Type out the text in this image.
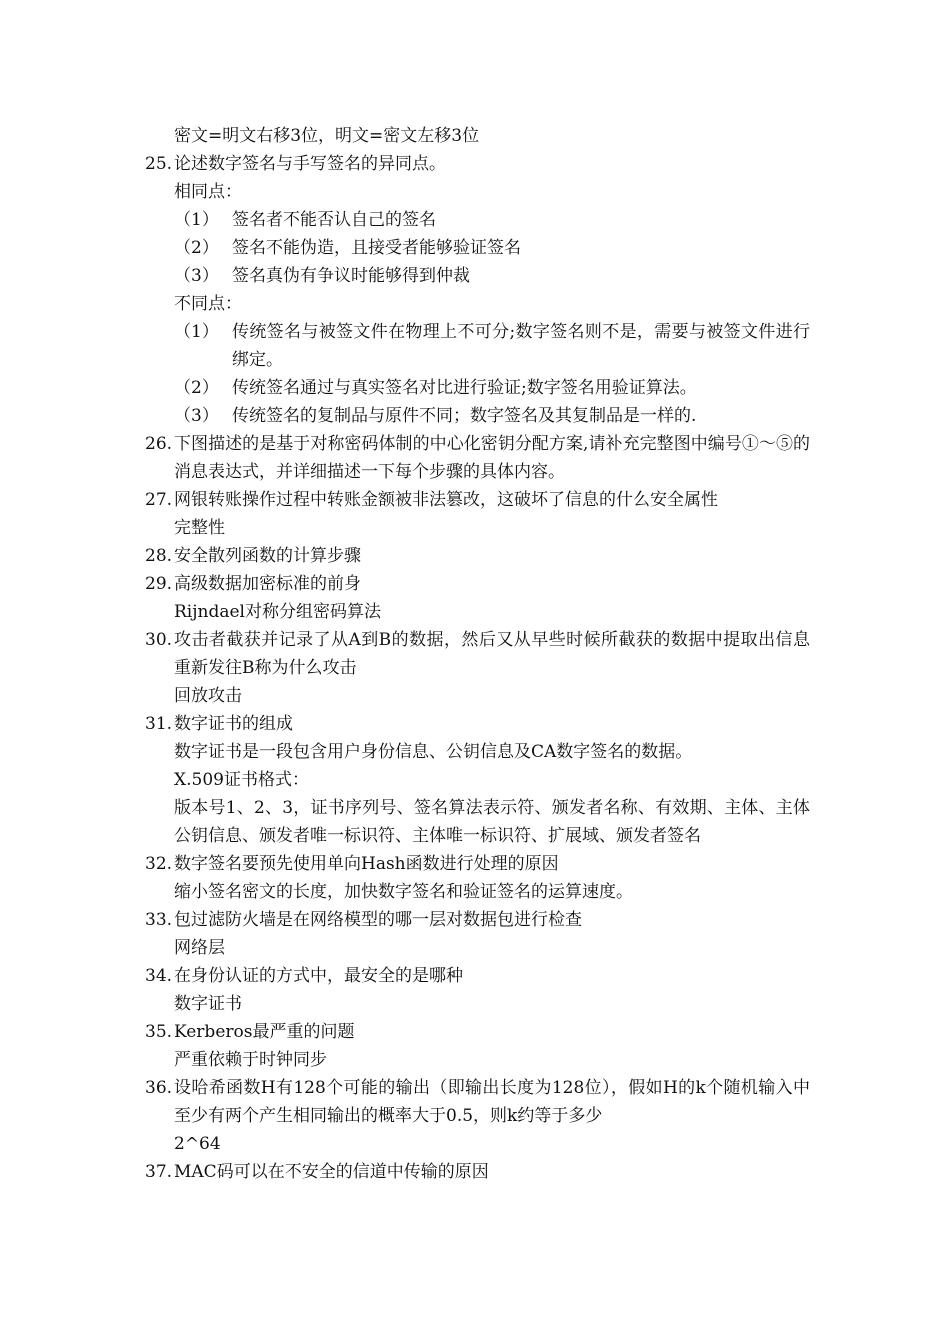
密文=明文右移3位，明文=密文左移3位
25. 论述数字签名与手写签名的异同点。
相同点：
（1） 签名者不能否认自己的签名
（2） 签名不能伪造，且接受者能够验证签名
（3） 签名真伪有争议时能够得到仲裁
不同点：
（1） 传统签名与被签文件在物理上不可分;数字签名则不是，需要与被签文件进行绑定。
（2） 传统签名通过与真实签名对比进行验证;数字签名用验证算法。
（3） 传统签名的复制品与原件不同；数字签名及其复制品是一样的.
26. 下图描述的是基于对称密码体制的中心化密钥分配方案,请补充完整图中编号①～⑤的消息表达式，并详细描述一下每个步骤的具体内容。
27. 网银转账操作过程中转账金额被非法篡改，这破坏了信息的什么安全属性
完整性
28. 安全散列函数的计算步骤
29. 高级数据加密标准的前身
Rijndael对称分组密码算法
30. 攻击者截获并记录了从A到B的数据，然后又从早些时候所截获的数据中提取出信息重新发往B称为什么攻击
回放攻击
31. 数字证书的组成
数字证书是一段包含用户身份信息、公钥信息及CA数字签名的数据。
X.509证书格式：
版本号1、2、3，证书序列号、签名算法表示符、颁发者名称、有效期、主体、主体公钥信息、颁发者唯一标识符、主体唯一标识符、扩展域、颁发者签名
32. 数字签名要预先使用单向Hash函数进行处理的原因
缩小签名密文的长度，加快数字签名和验证签名的运算速度。
33. 包过滤防火墙是在网络模型的哪一层对数据包进行检查
网络层
34. 在身份认证的方式中，最安全的是哪种
数字证书
35. Kerberos最严重的问题
严重依赖于时钟同步
36. 设哈希函数H有128个可能的输出（即输出长度为128位），假如H的k个随机输入中至少有两个产生相同输出的概率大于0.5，则k约等于多少
2^64
37. MAC码可以在不安全的信道中传输的原因
